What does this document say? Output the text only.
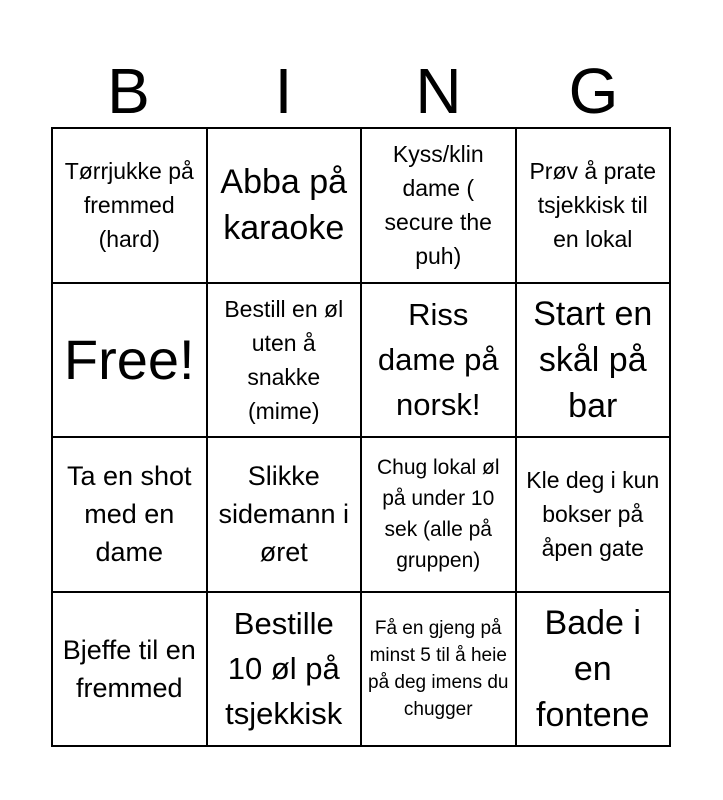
B	I	N	G
Tørrjukke på fremmed (hard)
Abba på karaoke
Kyss/klin dame ( secure the puh)
Prøv å prate tsjekkisk til en lokal
Free!
Bestill en øl uten å snakke (mime)
Riss dame på norsk!
Start en skål på bar
Ta en shot med en dame
Slikke sidemann i øret
Chug lokal øl på under 10 sek (alle på gruppen)
Kle deg i kun bokser på åpen gate
Bjeffe til en fremmed
Bestille 10 øl på tsjekkisk
Få en gjeng på minst 5 til å heie på deg imens du chugger
Bade i en fontene
